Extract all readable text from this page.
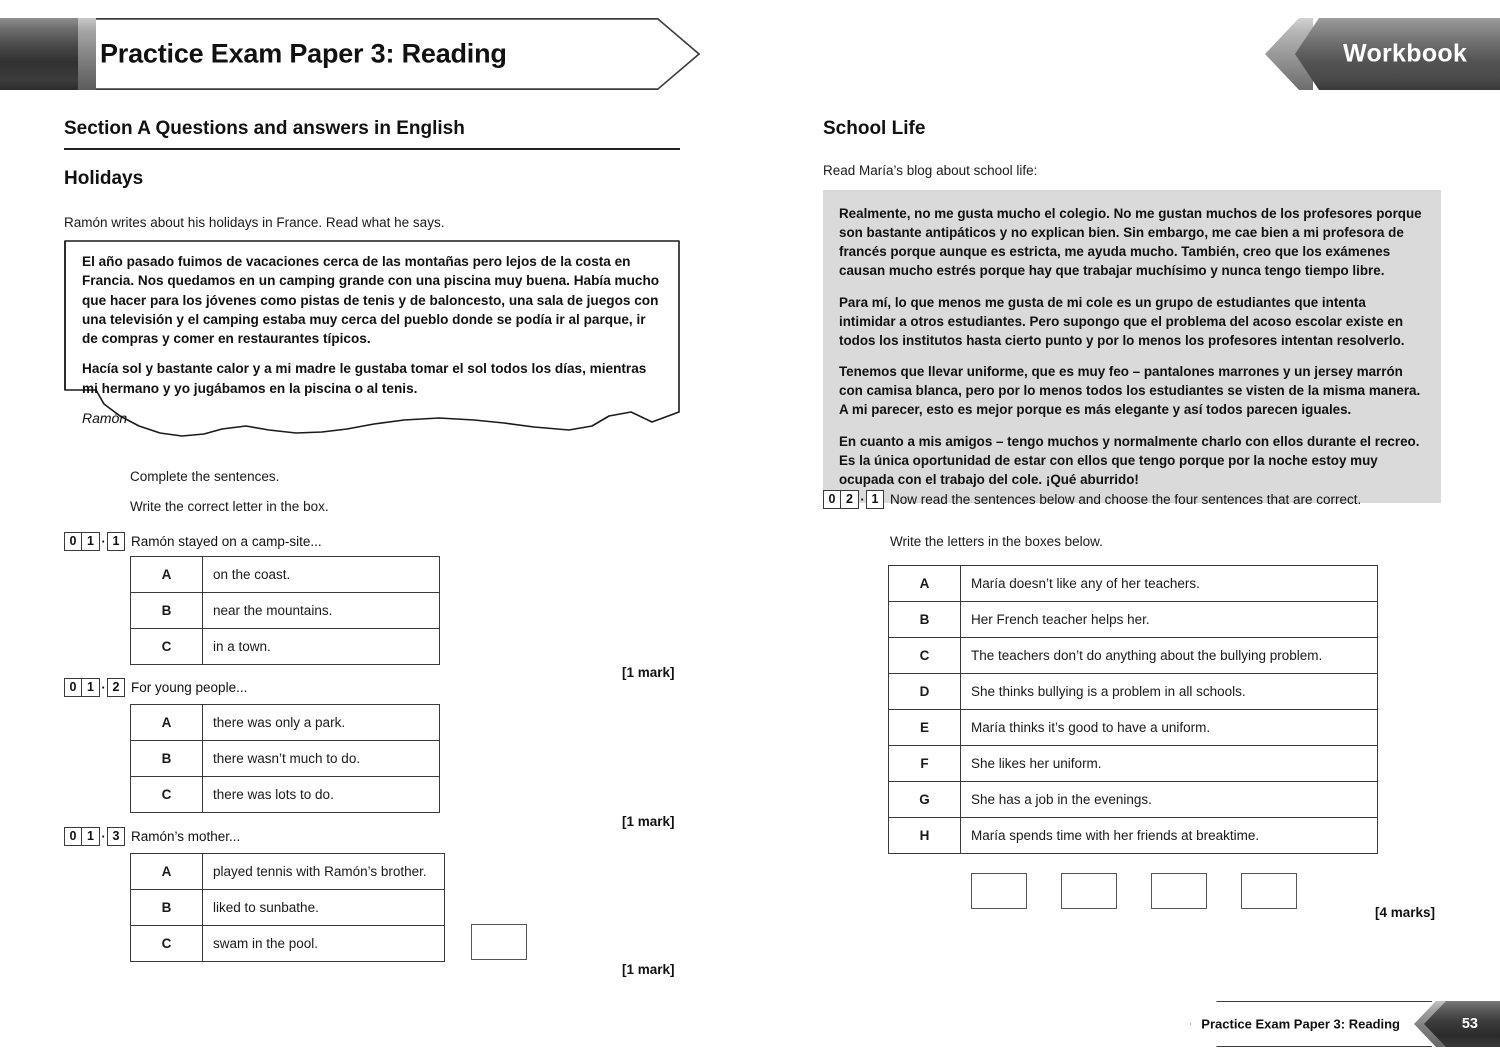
Practice Exam Paper 3: Reading	Workbook
Section A Questions and answers in English
Holidays
Ramón writes about his holidays in France. Read what he says.

El año pasado fuimos de vacaciones cerca de las montañas pero lejos de la costa en Francia. Nos quedamos en un camping grande con una piscina muy buena. Había mucho que hacer para los jóvenes como pistas de tenis y de baloncesto, una sala de juegos con una televisión y el camping estaba muy cerca del pueblo donde se podía ir al parque, ir de compras y comer en restaurantes típicos.

Hacía sol y bastante calor y a mi madre le gustaba tomar el sol todos los días, mientras mi hermano y yo jugábamos en la piscina o al tenis.

Ramón

Complete the sentences.
Write the correct letter in the box.
0 1 · 1 Ramón stayed on a camp-site...
A	on the coast.
B	near the mountains.
C	in a town.
[1 mark]
0 1 · 2 For young people...
A	there was only a park.
B	there wasn’t much to do.
C	there was lots to do.
[1 mark]
0 1 · 3 Ramón’s mother...
A	played tennis with Ramón’s brother.
B	liked to sunbathe.
C	swam in the pool.
[1 mark]
School Life
Read María’s blog about school life:

Realmente, no me gusta mucho el colegio. No me gustan muchos de los profesores porque son bastante antipáticos y no explican bien. Sin embargo, me cae bien a mi profesora de francés porque aunque es estricta, me ayuda mucho. También, creo que los exámenes causan mucho estrés porque hay que trabajar muchísimo y nunca tengo tiempo libre.

Para mí, lo que menos me gusta de mi cole es un grupo de estudiantes que intenta intimidar a otros estudiantes. Pero supongo que el problema del acoso escolar existe en todos los institutos hasta cierto punto y por lo menos los profesores intentan resolverlo.

Tenemos que llevar uniforme, que es muy feo – pantalones marrones y un jersey marrón con camisa blanca, pero por lo menos todos los estudiantes se visten de la misma manera. A mi parecer, esto es mejor porque es más elegante y así todos parecen iguales.

En cuanto a mis amigos – tengo muchos y normalmente charlo con ellos durante el recreo. Es la única oportunidad de estar con ellos que tengo porque por la noche estoy muy ocupada con el trabajo del cole. ¡Qué aburrido!

0 2 · 1 Now read the sentences below and choose the four sentences that are correct.
Write the letters in the boxes below.
A	María doesn’t like any of her teachers.
B	Her French teacher helps her.
C	The teachers don’t do anything about the bullying problem.
D	She thinks bullying is a problem in all schools.
E	María thinks it’s good to have a uniform.
F	She likes her uniform.
G	She has a job in the evenings.
H	María spends time with her friends at breaktime.
[4 marks]
53
Practice Exam Paper 3: Reading
